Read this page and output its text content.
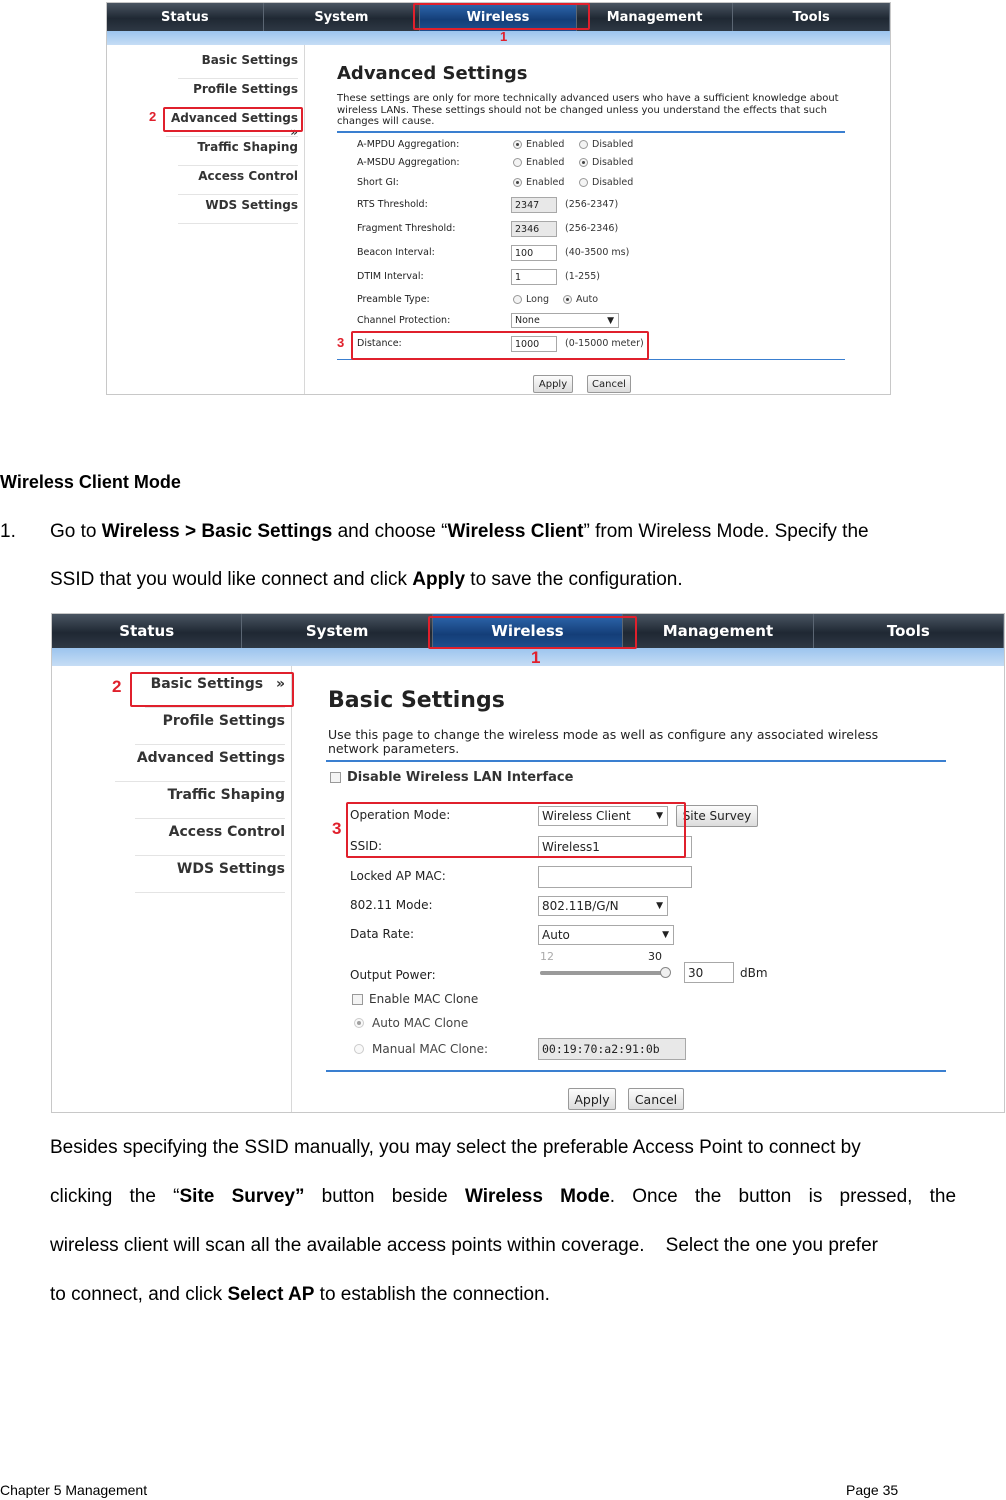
Status	System	Wireless	Management	Tools
Basic Settings
Profile Settings
Advanced Settings »
Traffic Shaping
Access Control
WDS Settings
Advanced Settings
These settings are only for more technically advanced users who have a sufficient knowledge about wireless LANs. These settings should not be changed unless you understand the effects that such changes will cause.
A-MPDU Aggregation:	Enabled	Disabled
A-MSDU Aggregation:	Enabled	Disabled
Short GI:	Enabled	Disabled
RTS Threshold:	2347	(256-2347)
Fragment Threshold:	2346	(256-2346)
Beacon Interval:	100	(40-3500 ms)
DTIM Interval:	1	(1-255)
Preamble Type:	Long	Auto
Channel Protection:	None	▼
Distance:	1000	(0-15000 meter)
Apply	Cancel
1
2
3
Wireless Client Mode
1. Go to Wireless > Basic Settings and choose “Wireless Client” from Wireless Mode. Specify the
SSID that you would like connect and click Apply to save the configuration.
Status	System	Wireless	Management	Tools
Basic Settings »
Profile Settings
Advanced Settings
Traffic Shaping
Access Control
WDS Settings
Basic Settings
Use this page to change the wireless mode as well as configure any associated wireless network parameters.
Disable Wireless LAN Interface
Operation Mode:	Wireless Client	▼	Site Survey
SSID:	Wireless1
Locked AP MAC:
802.11 Mode:	802.11B/G/N	▼
Data Rate:	Auto	▼
Output Power:
12	30
30	dBm
Enable MAC Clone
Auto MAC Clone
Manual MAC Clone:	00:19:70:a2:91:0b
Apply	Cancel
1
2
3
Besides specifying the SSID manually, you may select the preferable Access Point to connect by
clicking the “Site Survey” button beside Wireless Mode. Once the button is pressed, the
wireless client will scan all the available access points within coverage.    Select the one you prefer
to connect, and click Select AP to establish the connection.
Chapter 5 Management	Page 35
